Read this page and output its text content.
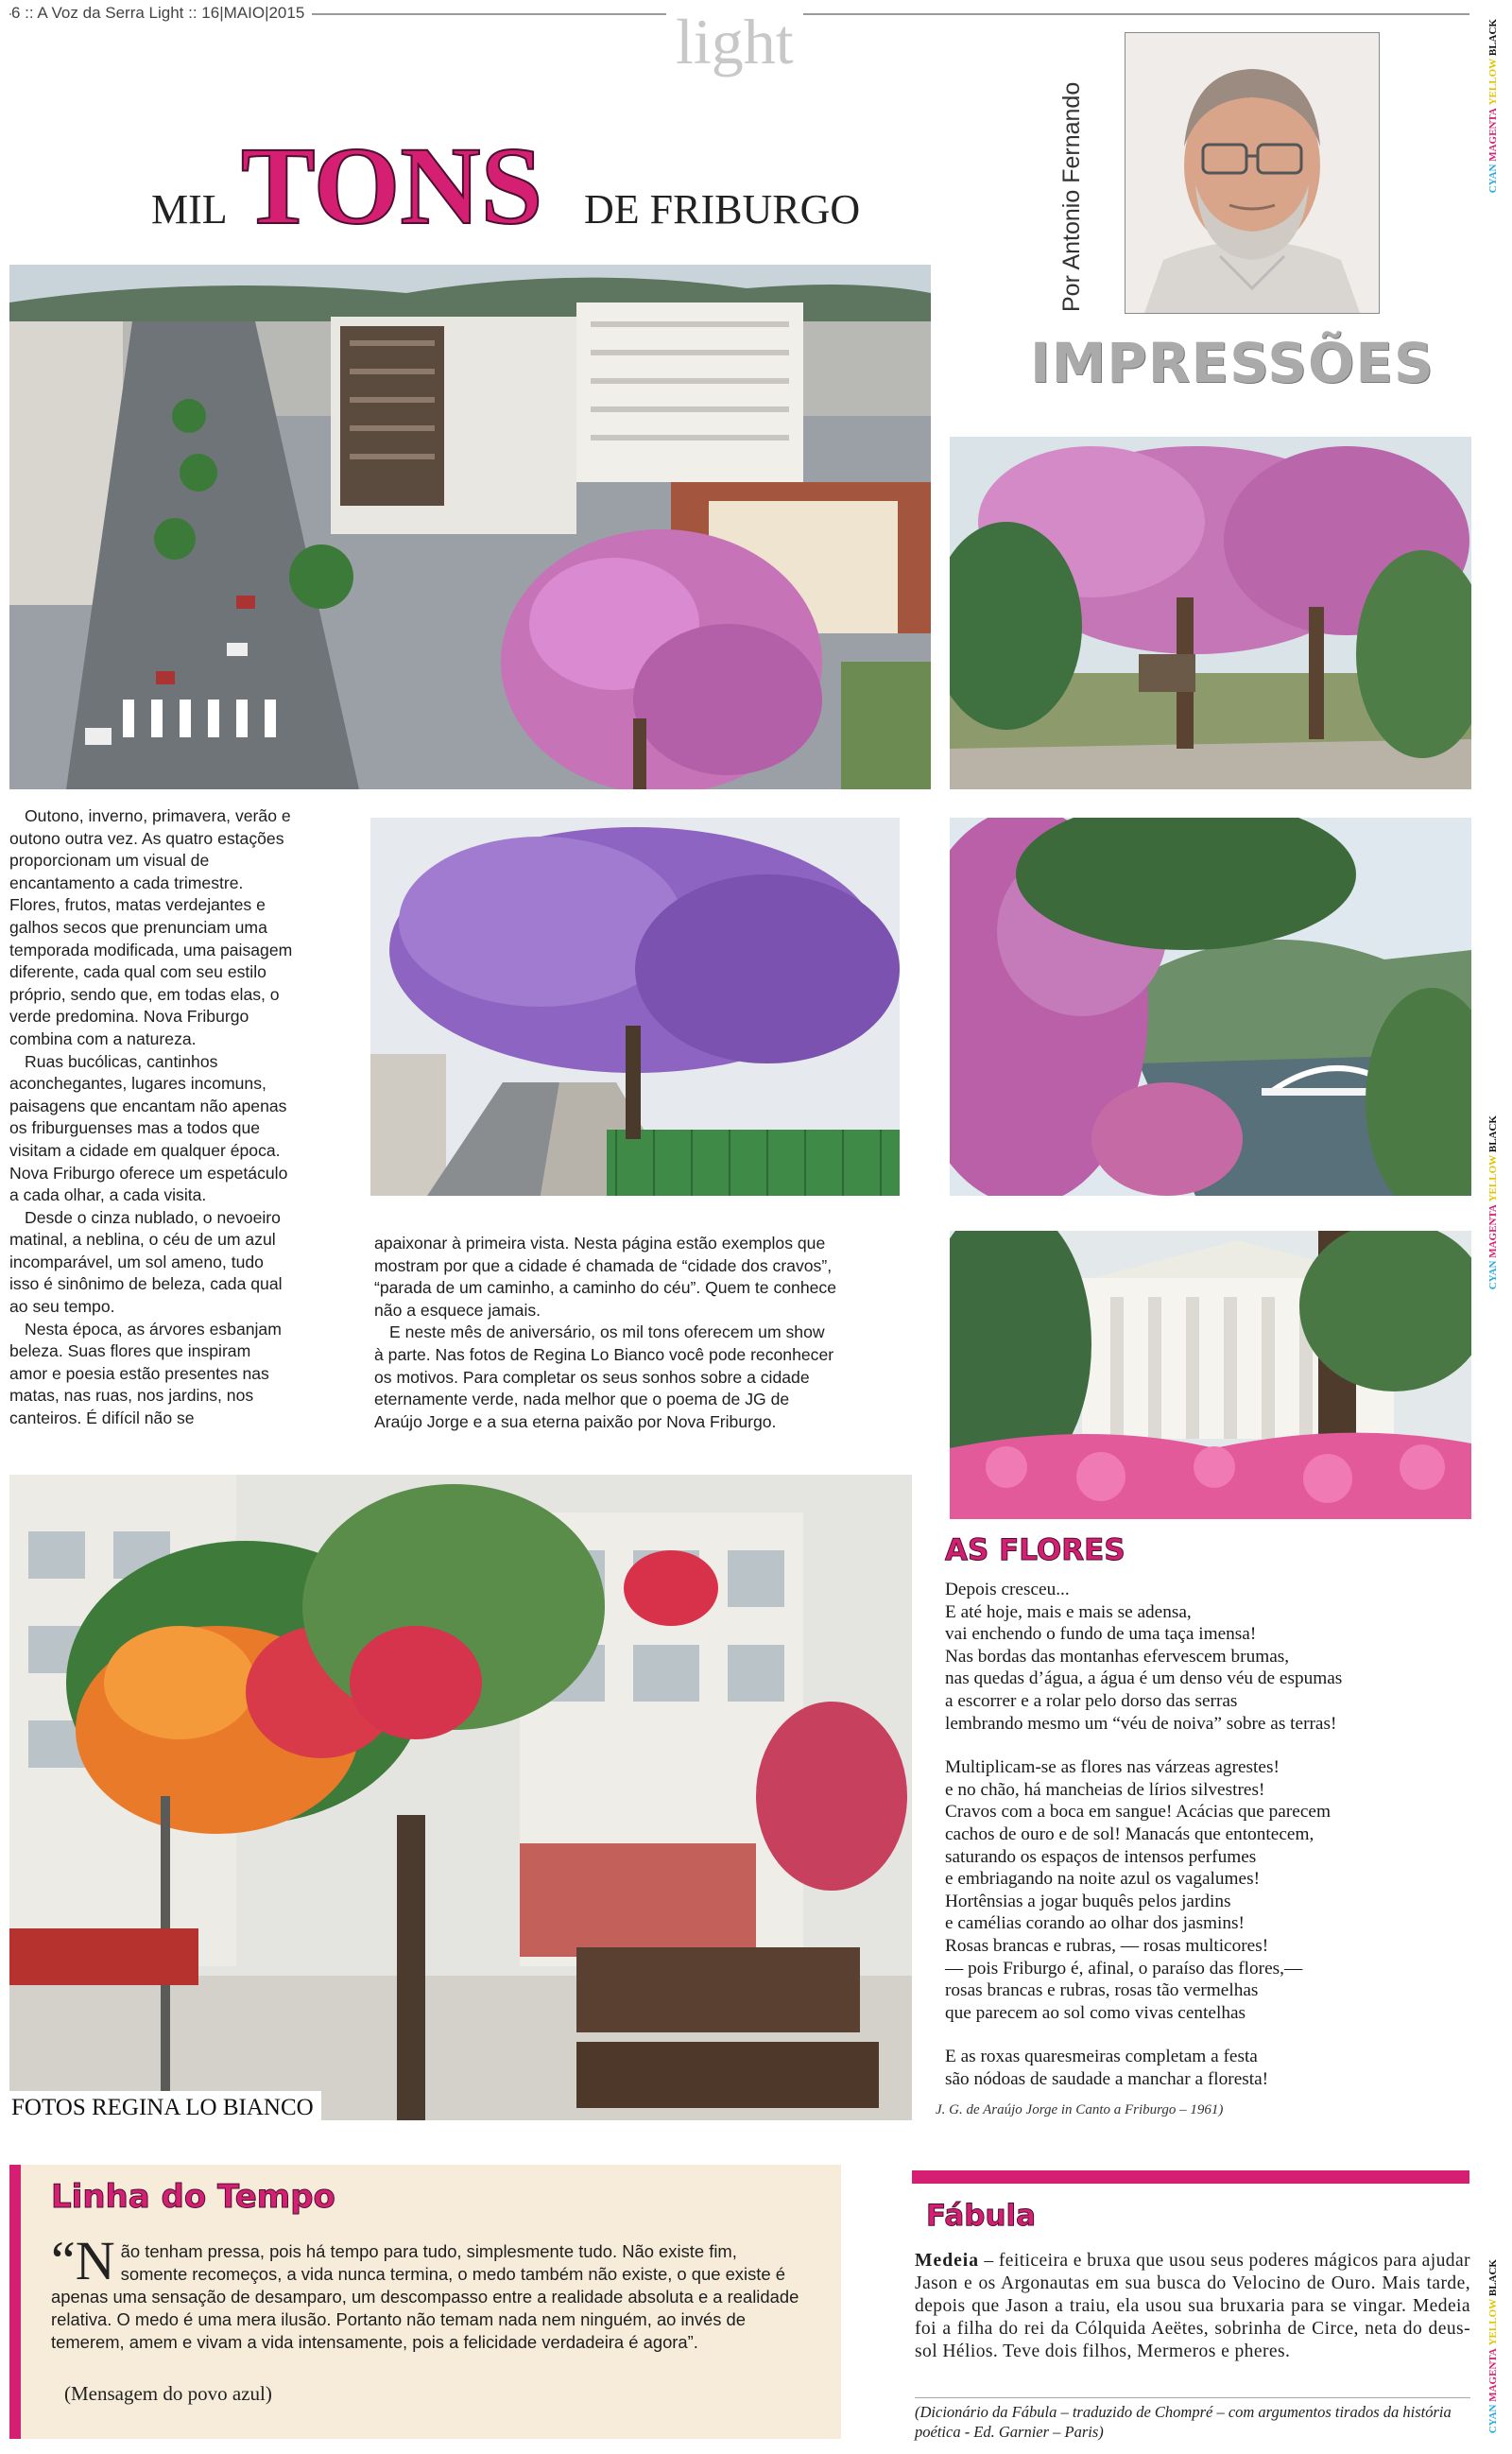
6 :: A Voz da Serra Light :: 16|MAIO|2015	light
MIL TONS DE FRIBURGO	Por Antonio Fernando
IMPRESSÕES
CYAN MAGENTA YELLOW BLACK
CYAN MAGENTA YELLOW BLACK
CYAN MAGENTA YELLOW BLACK
FOTOS REGINA LO BIANCO

Outono, inverno, primavera, verão e outono outra vez. As quatro estações proporcionam um visual de encantamento a cada trimestre. Flores, frutos, matas verdejantes e galhos secos que prenunciam uma temporada modificada, uma paisagem diferente, cada qual com seu estilo próprio, sendo que, em todas elas, o verde predomina. Nova Friburgo combina com a natureza.

Ruas bucólicas, cantinhos aconchegantes, lugares incomuns, paisagens que encantam não apenas os friburguenses mas a todos que visitam a cidade em qualquer época. Nova Friburgo oferece um espetáculo a cada olhar, a cada visita.

Desde o cinza nublado, o nevoeiro matinal, a neblina, o céu de um azul incomparável, um sol ameno, tudo isso é sinônimo de beleza, cada qual ao seu tempo.

Nesta época, as árvores esbanjam beleza. Suas flores que inspiram amor e poesia estão presentes nas matas, nas ruas, nos jardins, nos canteiros. É difícil não se

apaixonar à primeira vista. Nesta página estão exemplos que mostram por que a cidade é chamada de “cidade dos cravos”, “parada de um caminho, a caminho do céu”. Quem te conhece não a esquece jamais.

E neste mês de aniversário, os mil tons oferecem um show à parte. Nas fotos de Regina Lo Bianco você pode reconhecer os motivos. Para completar os seus sonhos sobre a cidade eternamente verde, nada melhor que o poema de JG de Araújo Jorge e a sua eterna paixão por Nova Friburgo.

AS FLORES

Depois cresceu...
E até hoje, mais e mais se adensa,
vai enchendo o fundo de uma taça imensa!
Nas bordas das montanhas efervescem brumas,
nas quedas d’água, a água é um denso véu de espumas
a escorrer e a rolar pelo dorso das serras
lembrando mesmo um “véu de noiva” sobre as terras!

Multiplicam-se as flores nas várzeas agrestes!
e no chão, há mancheias de lírios silvestres!
Cravos com a boca em sangue! Acácias que parecem
cachos de ouro e de sol! Manacás que entontecem,
saturando os espaços de intensos perfumes
e embriagando na noite azul os vagalumes!
Hortênsias a jogar buquês pelos jardins
e camélias corando ao olhar dos jasmins!
Rosas brancas e rubras, — rosas multicores!
— pois Friburgo é, afinal, o paraíso das flores,—
rosas brancas e rubras, rosas tão vermelhas
que parecem ao sol como vivas centelhas

E as roxas quaresmeiras completam a festa
são nódoas de saudade a manchar a floresta!

J. G. de Araújo Jorge in Canto a Friburgo – 1961)
Linha do Tempo
“N ão tenham pressa, pois há tempo para tudo, simplesmente tudo. Não existe fim, somente recomeços, a vida nunca termina, o medo também não existe, o que existe é apenas uma sensação de desamparo, um descompasso entre a realidade absoluta e a realidade relativa. O medo é uma mera ilusão. Portanto não temam nada nem ninguém, ao invés de temerem, amem e vivam a vida intensamente, pois a felicidade verdadeira é agora”.
(Mensagem do povo azul)
Fábula
Medeia – feiticeira e bruxa que usou seus poderes mágicos para ajudar Jason e os Argonautas em sua busca do Velocino de Ouro. Mais tarde, depois que Jason a traiu, ela usou sua bruxaria para se vingar. Medeia foi a filha do rei da Cólquida Aeëtes, sobrinha de Circe, neta do deus-sol Hélios. Teve dois filhos, Mermeros e pheres.
(Dicionário da Fábula – traduzido de Chompré – com argumentos tirados da história poética - Ed. Garnier – Paris)
